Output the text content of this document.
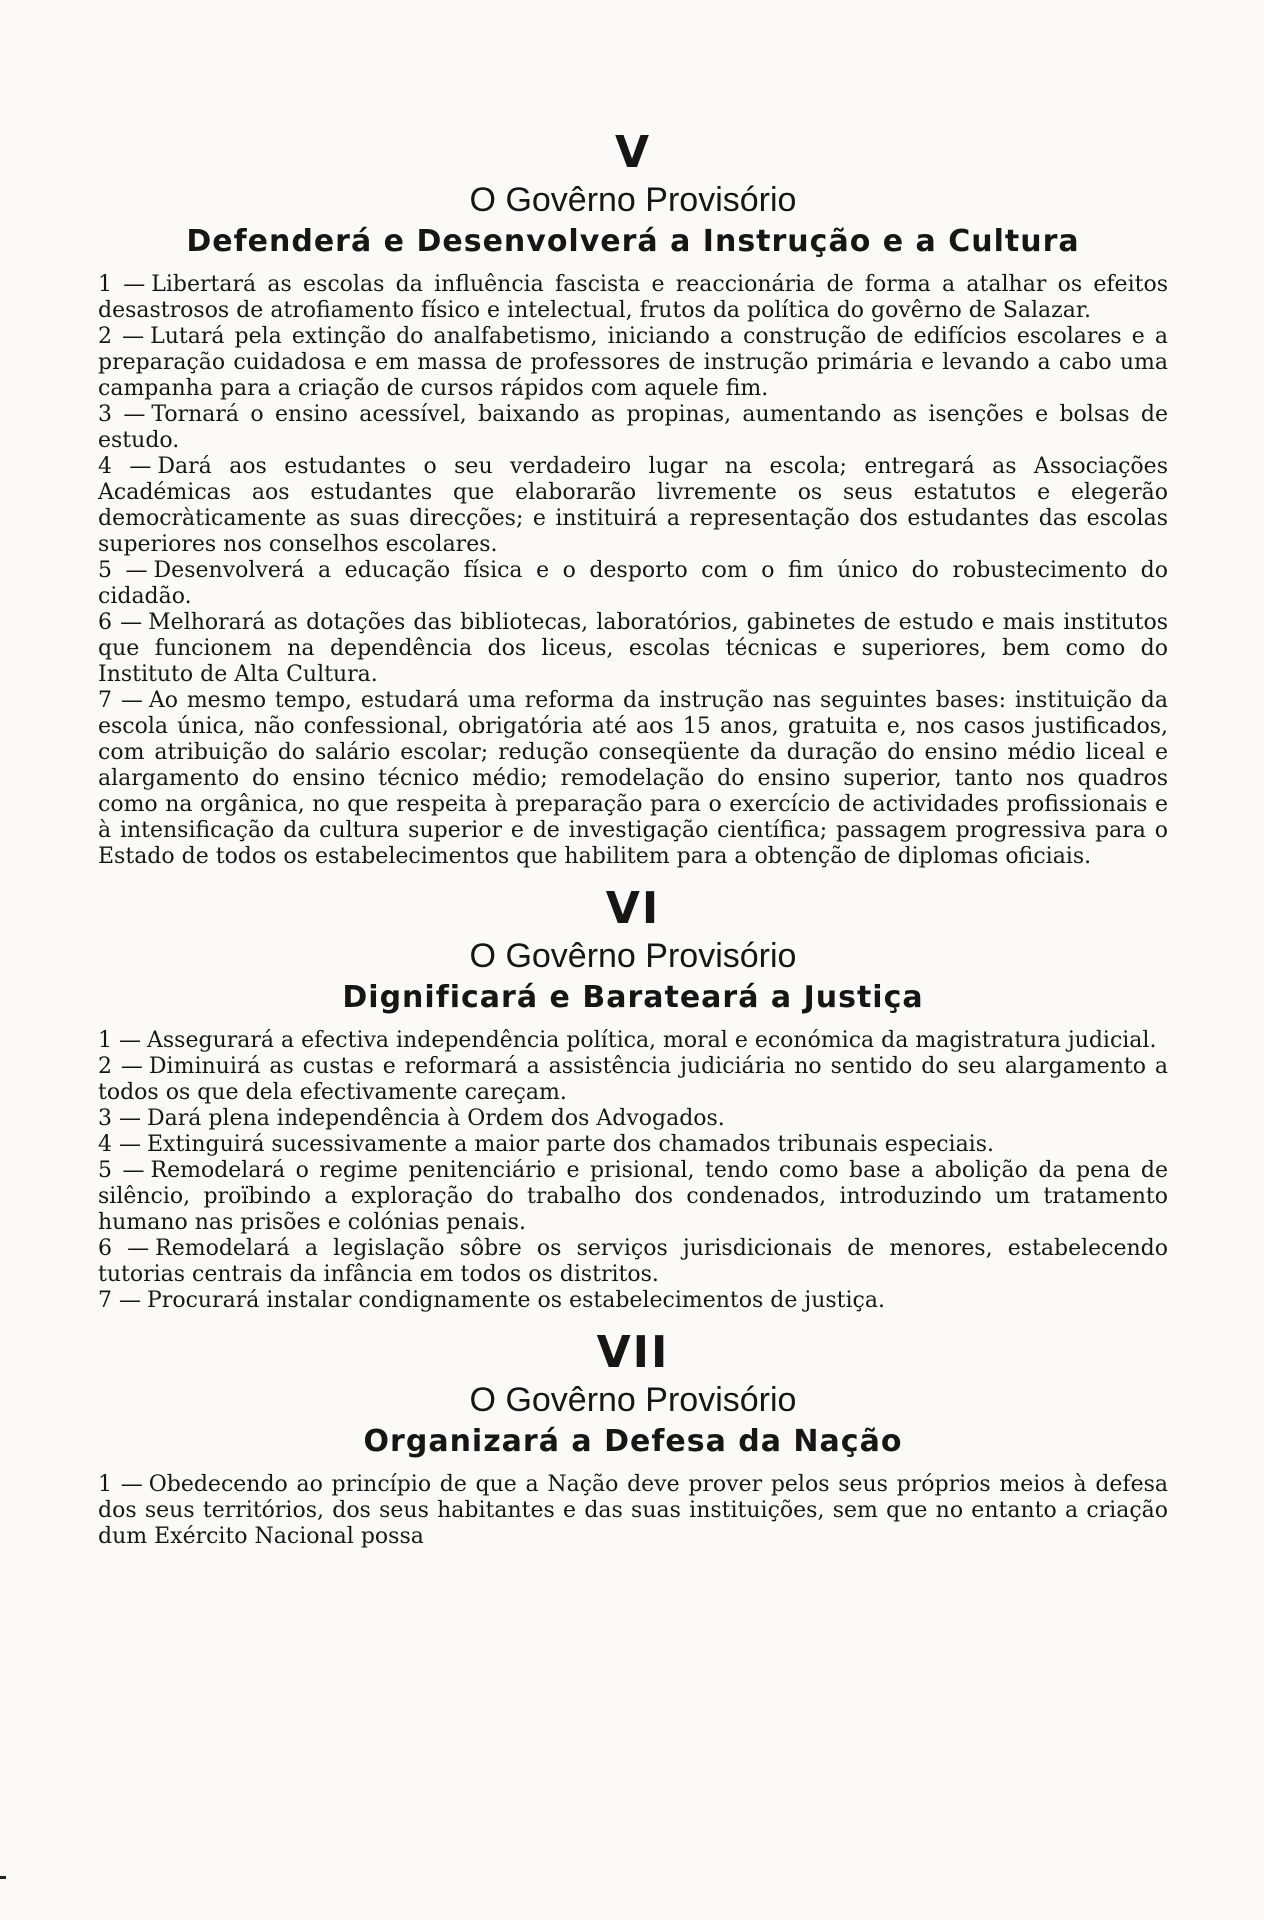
V
O Govêrno Provisório
Defenderá e Desenvolverá a Instrução e a Cultura

1 — Libertará as escolas da influência fascista e reaccionária de forma a atalhar os efeitos desastrosos de atrofiamento físico e intelectual, frutos da política do govêrno de Salazar.

2 — Lutará pela extinção do analfabetismo, iniciando a construção de edifícios escolares e a preparação cuidadosa e em massa de professores de instrução primária e levando a cabo uma campanha para a criação de cursos rápidos com aquele fim.

3 — Tornará o ensino acessível, baixando as propinas, aumentando as isenções e bolsas de estudo.

4 — Dará aos estudantes o seu verdadeiro lugar na escola; entregará as Associações Académicas aos estudantes que elaborarão livremente os seus estatutos e elegerão democràticamente as suas direcções; e instituirá a representação dos estudantes das escolas superiores nos conselhos escolares.

5 — Desenvolverá a educação física e o desporto com o fim único do robustecimento do cidadão.

6 — Melhorará as dotações das bibliotecas, laboratórios, gabinetes de estudo e mais institutos que funcionem na dependência dos liceus, escolas técnicas e superiores, bem como do Instituto de Alta Cultura.

7 — Ao mesmo tempo, estudará uma reforma da instrução nas seguintes bases: instituição da escola única, não confessional, obrigatória até aos 15 anos, gratuita e, nos casos justificados, com atribuição do salário escolar; redução conseqüente da duração do ensino médio liceal e alargamento do ensino técnico médio; remodelação do ensino superior, tanto nos quadros como na orgânica, no que respeita à preparação para o exercício de actividades profissionais e à intensificação da cultura superior e de investigação científica; passagem progressiva para o Estado de todos os estabelecimentos que habilitem para a obtenção de diplomas oficiais.

VI
O Govêrno Provisório
Dignificará e Barateará a Justiça

1 — Assegurará a efectiva independência política, moral e económica da magistratura judicial.

2 — Diminuirá as custas e reformará a assistência judiciária no sentido do seu alargamento a todos os que dela efectivamente careçam.

3 — Dará plena independência à Ordem dos Advogados.

4 — Extinguirá sucessivamente a maior parte dos chamados tribunais especiais.

5 — Remodelará o regime penitenciário e prisional, tendo como base a abolição da pena de silêncio, proïbindo a exploração do trabalho dos condenados, introduzindo um tratamento humano nas prisões e colónias penais.

6 — Remodelará a legislação sôbre os serviços jurisdicionais de menores, estabelecendo tutorias centrais da infância em todos os distritos.

7 — Procurará instalar condignamente os estabelecimentos de justiça.

VII
O Govêrno Provisório
Organizará a Defesa da Nação

1 — Obedecendo ao princípio de que a Nação deve prover pelos seus próprios meios à defesa dos seus territórios, dos seus habitantes e das suas instituições, sem que no entanto a criação dum Exército Nacional possa
